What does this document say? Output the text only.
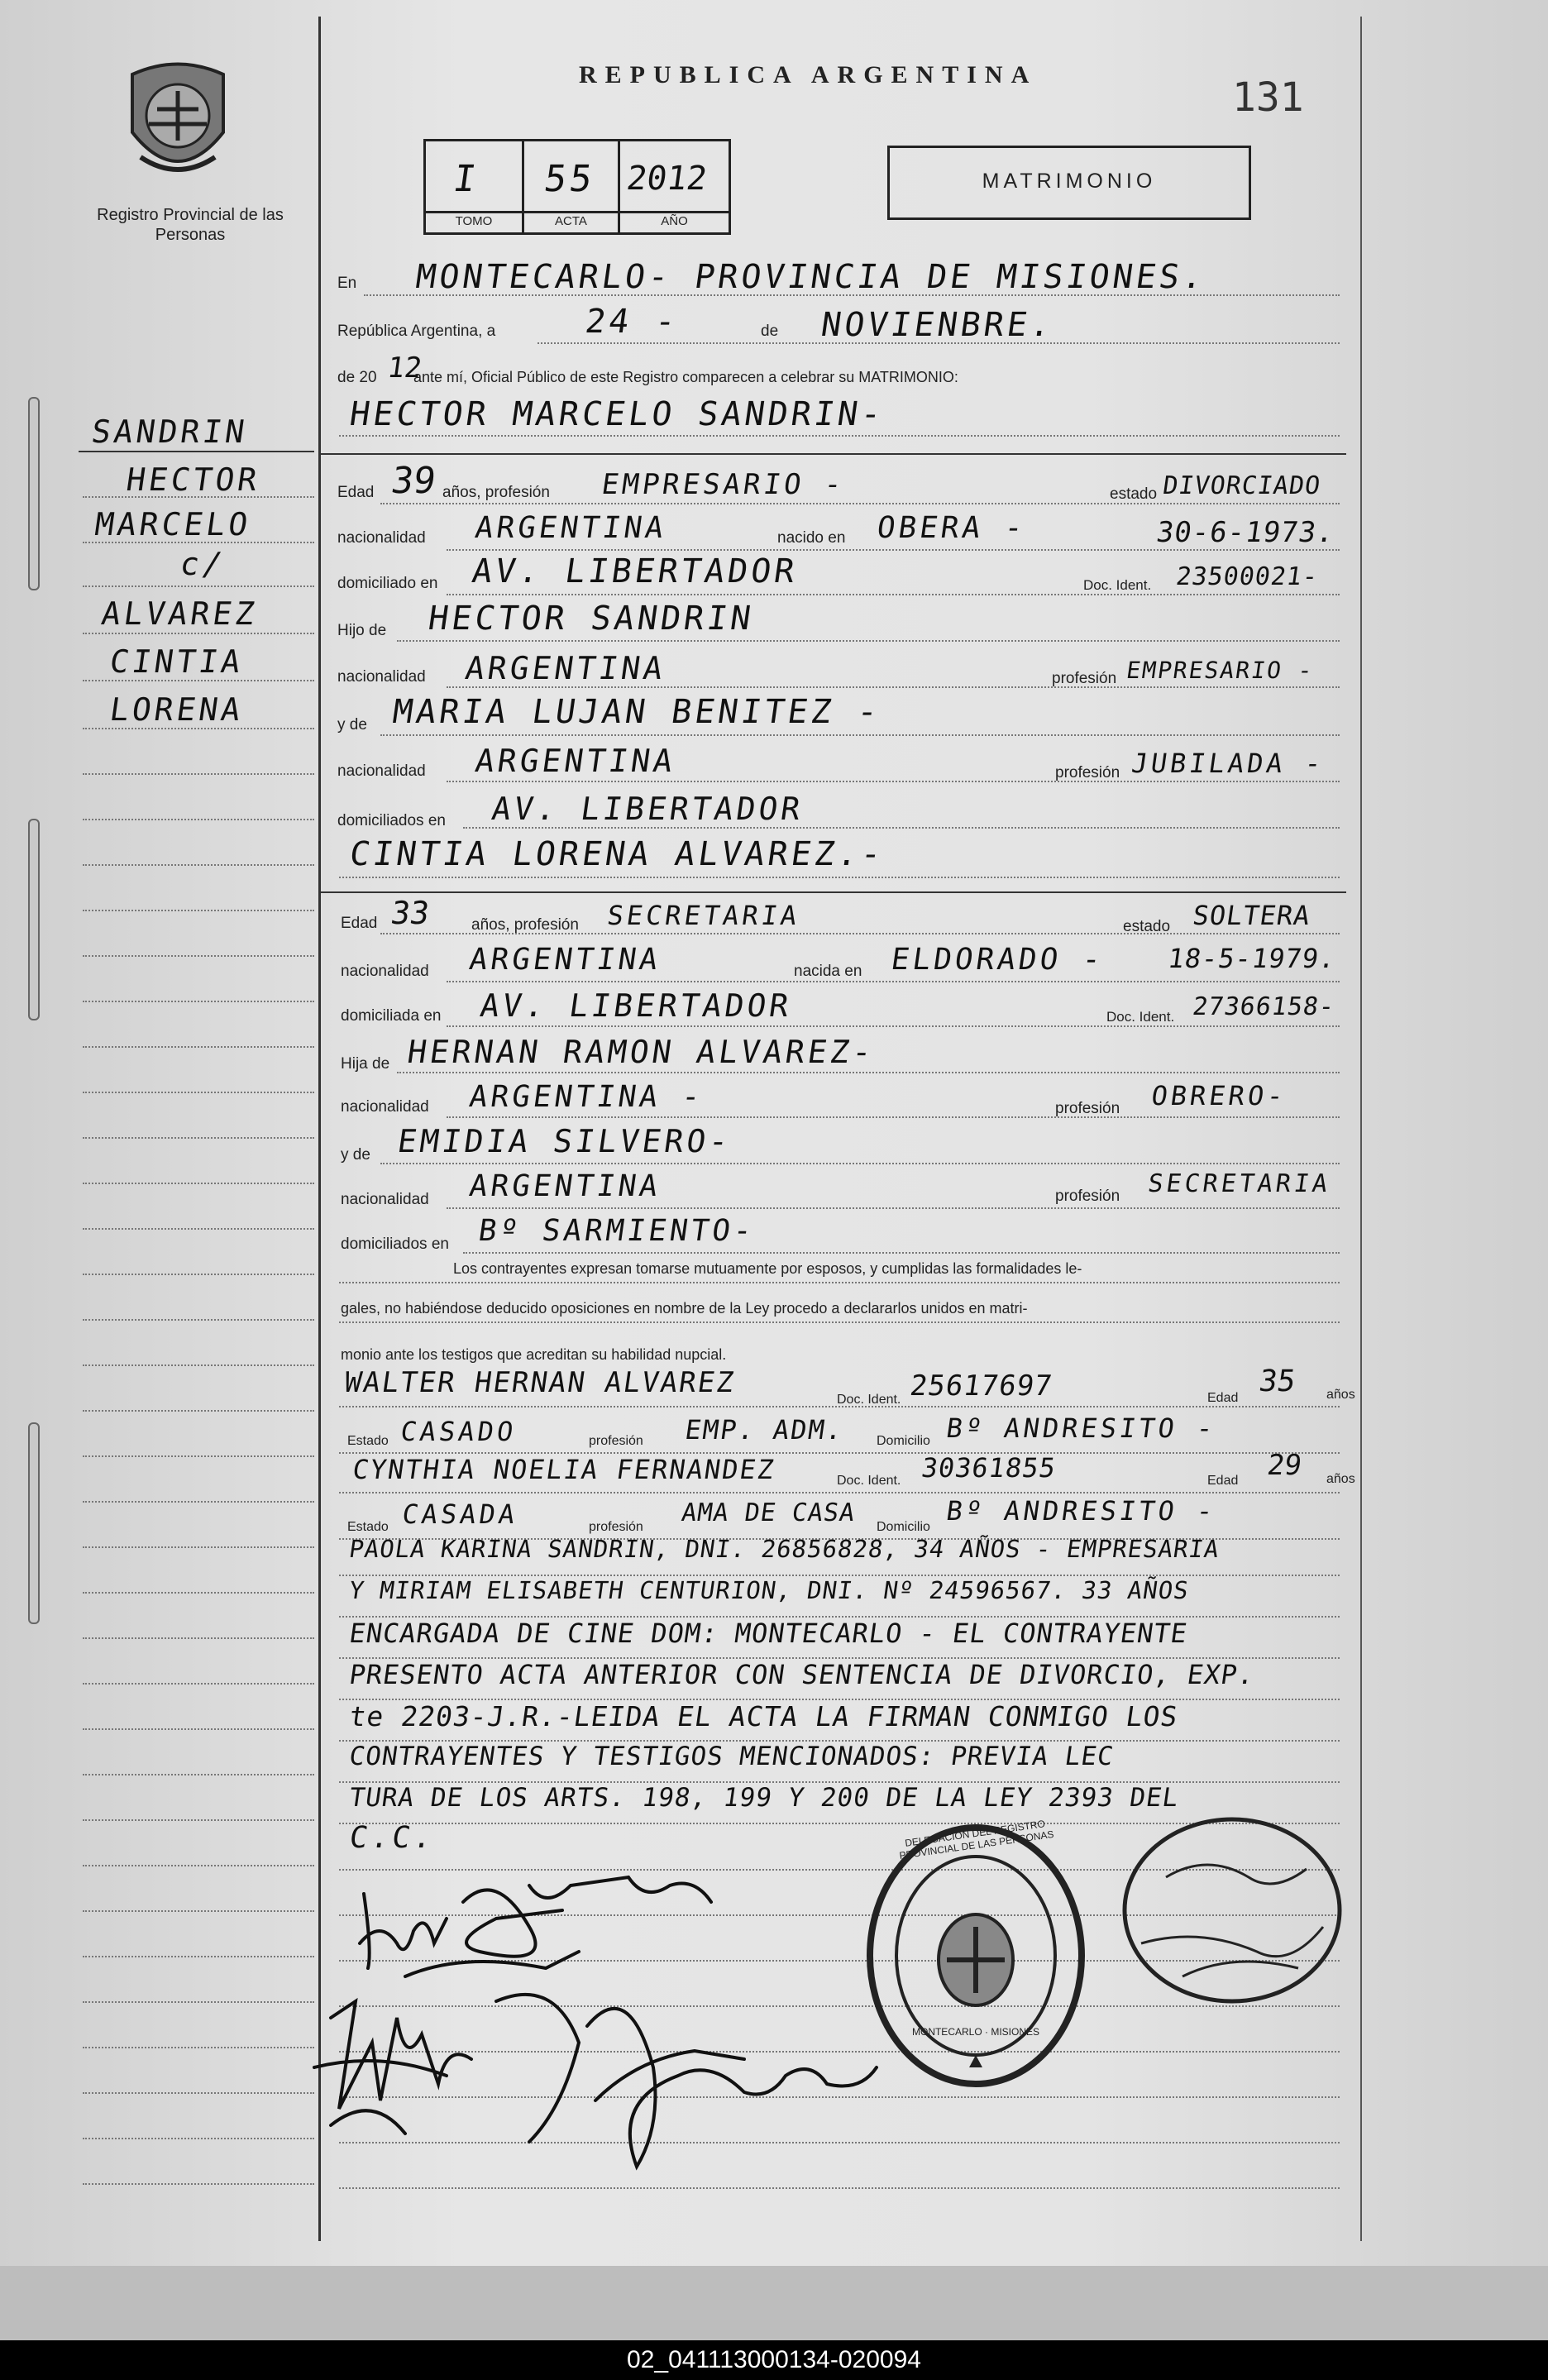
Registro Provincial de las Personas
REPUBLICA ARGENTINA	131
I 55 2012
TOMO	ACTA	AÑO
MATRIMONIO
SANDRIN
HECTOR
MARCELO
c/
ALVAREZ
CINTIA
LORENA
En MONTECARLO- PROVINCIA DE MISIONES.
República Argentina, a	24 -	de NOVIENBRE.
de 20 12
ante mí, Oficial Público de este Registro comparecen a celebrar su MATRIMONIO:
HECTOR MARCELO SANDRIN-
Edad 39 años, profesión EMPRESARIO -	estado DIVORCIADO
nacionalidad ARGENTINA	nacido en OBERA -	30-6-1973.
domiciliado en AV. LIBERTADOR	Doc. Ident. 23500021-
Hijo de HECTOR SANDRIN
nacionalidad ARGENTINA	profesión EMPRESARIO -
y de MARIA LUJAN BENITEZ -
nacionalidad ARGENTINA	profesión JUBILADA -
domiciliados en AV. LIBERTADOR
CINTIA LORENA ALVAREZ.-
Edad 33	años, profesión SECRETARIA	estado SOLTERA
nacionalidad ARGENTINA	nacida en ELDORADO - 18-5-1979.
domiciliada en AV. LIBERTADOR	Doc. Ident. 27366158-
Hija de HERNAN RAMON ALVAREZ-
nacionalidad ARGENTINA -	profesión OBRERO-
y de EMIDIA SILVERO-
nacionalidad ARGENTINA	profesión SECRETARIA
domiciliados en Bº SARMIENTO-
Los contrayentes expresan tomarse mutuamente por esposos, y cumplidas las formalidades le-
gales, no habiéndose deducido oposiciones en nombre de la Ley procedo a declararlos unidos en matri-
monio ante los testigos que acreditan su habilidad nupcial.
WALTER HERNAN ALVAREZ
Doc. Ident. 25617697	Edad 35 años
Estado CASADO	profesión EMP. ADM. Domicilio Bº ANDRESITO -
CYNTHIA NOELIA FERNANDEZ	Doc. Ident. 30361855	Edad 29 años
Estado CASADA	profesión AMA DE CASA Domicilio
Bº ANDRESITO -
PAOLA KARINA SANDRIN, DNI. 26856828, 34 AÑOS - EMPRESARIA
Y MIRIAM ELISABETH CENTURION, DNI. Nº 24596567. 33 AÑOS
ENCARGADA DE CINE DOM: MONTECARLO - EL CONTRAYENTE
PRESENTO ACTA ANTERIOR CON SENTENCIA DE DIVORCIO, EXP.
te 2203-J.R.-LEIDA EL ACTA LA FIRMAN CONMIGO LOS
CONTRAYENTES Y TESTIGOS MENCIONADOS: PREVIA LEC
TURA DE LOS ARTS. 198, 199 Y 200 DE LA LEY 2393 DEL
C.C.	DELEGACION DEL REGISTRO PROVINCIAL DE LAS PERSONAS
MONTECARLO · MISIONES
02_041113000134-020094
